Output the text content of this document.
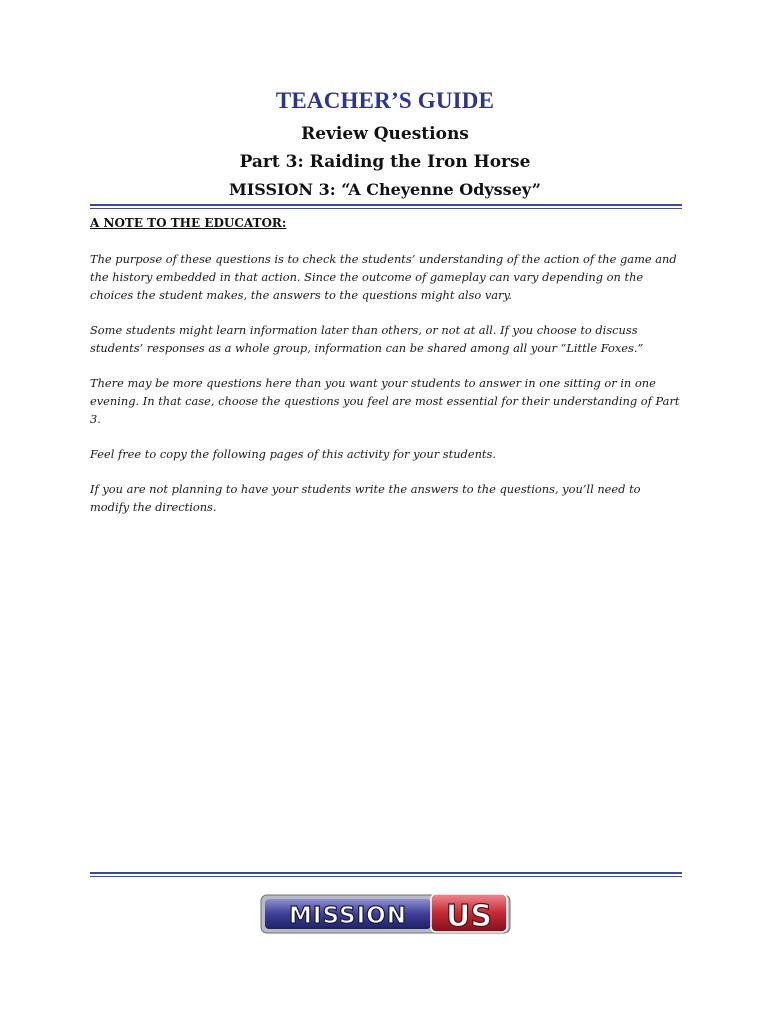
TEACHER’S GUIDE
Review Questions
Part 3: Raiding the Iron Horse
MISSION 3: “A Cheyenne Odyssey”
A NOTE TO THE EDUCATOR:

The purpose of these questions is to check the students’ understanding of the action of the game and the history embedded in that action. Since the outcome of gameplay can vary depending on the choices the student makes, the answers to the questions might also vary.

Some students might learn information later than others, or not at all. If you choose to discuss students’ responses as a whole group, information can be shared among all your “Little Foxes.”

There may be more questions here than you want your students to answer in one sitting or in one evening. In that case, choose the questions you feel are most essential for their understanding of Part 3.

Feel free to copy the following pages of this activity for your students.

If you are not planning to have your students write the answers to the questions, you’ll need to modify the directions.

MISSION US
